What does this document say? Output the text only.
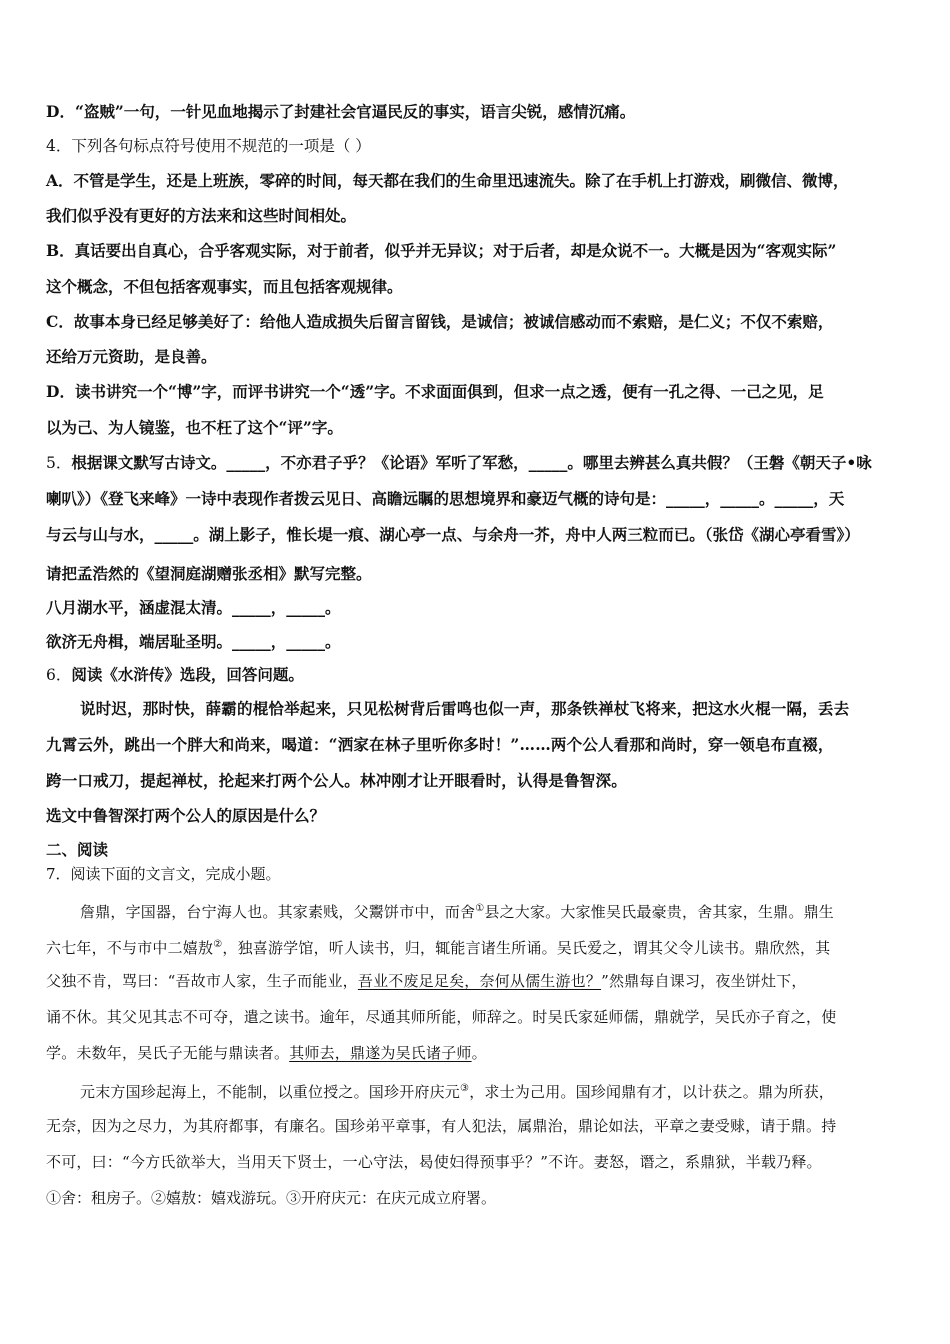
D．“盗贼”一句，一针见血地揭示了封建社会官逼民反的事实，语言尖锐，感情沉痛。
4．下列各句标点符号使用不规范的一项是（ ）
A．不管是学生，还是上班族，零碎的时间，每天都在我们的生命里迅速流失。除了在手机上打游戏，刷微信、微博，
我们似乎没有更好的方法来和这些时间相处。
B．真话要出自真心，合乎客观实际，对于前者，似乎并无异议；对于后者，却是众说不一。大概是因为“客观实际”
这个概念，不但包括客观事实，而且包括客观规律。
C．故事本身已经足够美好了：给他人造成损失后留言留钱，是诚信；被诚信感动而不索赔，是仁义；不仅不索赔，
还给万元资助，是良善。
D．读书讲究一个“博”字，而评书讲究一个“透”字。不求面面俱到，但求一点之透，便有一孔之得、一己之见，足
以为己、为人镜鉴，也不枉了这个“评”字。
5．根据课文默写古诗文。_____，不亦君子乎？《论语》军听了军愁，_____。哪里去辨甚么真共假？（王磐《朝天子•咏
喇叭》）《登飞来峰》一诗中表现作者拨云见日、高瞻远瞩的思想境界和豪迈气概的诗句是：_____，_____。_____，天
与云与山与水，_____。湖上影子，惟长堤一痕、湖心亭一点、与余舟一芥，舟中人两三粒而已。（张岱《湖心亭看雪》）
请把孟浩然的《望洞庭湖赠张丞相》默写完整。
八月湖水平，涵虚混太清。_____，_____。
欲济无舟楫，端居耻圣明。_____，_____。
6．阅读《水浒传》选段，回答问题。
说时迟，那时快，薛霸的棍恰举起来，只见松树背后雷鸣也似一声，那条铁禅杖飞将来，把这水火棍一隔，丢去
九霄云外，跳出一个胖大和尚来，喝道：“洒家在林子里听你多时！”……两个公人看那和尚时，穿一领皂布直裰，
跨一口戒刀，提起禅杖，抡起来打两个公人。林冲刚才让开眼看时，认得是鲁智深。
选文中鲁智深打两个公人的原因是什么？
二、阅读
7．阅读下面的文言文，完成小题。
詹鼎，字国器，台宁海人也。其家素贱，父鬻饼市中，而舍①县之大家。大家惟吴氏最豪贵，舍其家，生鼎。鼎生
六七年，不与市中二嬉敖②，独喜游学馆，听人读书，归，辄能言诸生所诵。吴氏爱之，谓其父令儿读书。鼎欣然，其
父独不肯，骂曰：“吾故市人家，生子而能业，吾业不废足足矣，奈何从儒生游也？”然鼎每自课习，夜坐饼灶下，
诵不休。其父见其志不可夺，遣之读书。逾年，尽通其师所能，师辞之。时吴氏家延师儒，鼎就学，吴氏亦子育之，使
学。未数年，吴氏子无能与鼎读者。其师去，鼎遂为吴氏诸子师。
元末方国珍起海上，不能制，以重位授之。国珍开府庆元③，求士为己用。国珍闻鼎有才，以计获之。鼎为所获，
无奈，因为之尽力，为其府都事，有廉名。国珍弟平章事，有人犯法，属鼎治，鼎论如法，平章之妻受赇，请于鼎。持
不可，曰：“今方氏欲举大，当用天下贤士，一心守法，曷使妇得预事乎？”不许。妻怒，谮之，系鼎狱，半载乃释。
①舍：租房子。②嬉敖：嬉戏游玩。③开府庆元：在庆元成立府署。
